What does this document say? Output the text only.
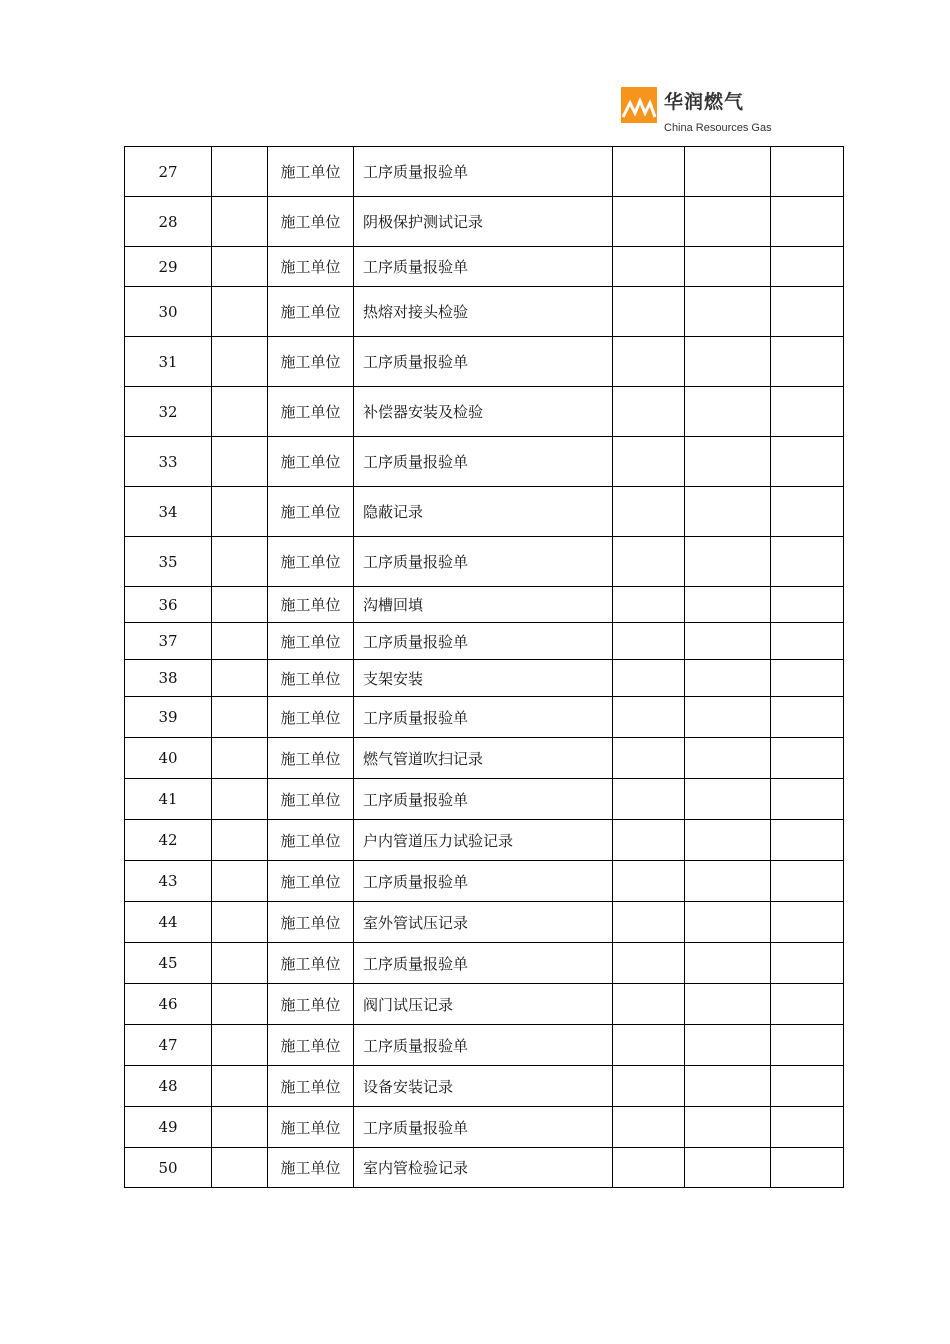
华润燃气
China Resources Gas
27		施工单位	工序质量报验单			
28		施工单位	阴极保护测试记录			
29		施工单位	工序质量报验单			
30		施工单位	热熔对接头检验			
31		施工单位	工序质量报验单			
32		施工单位	补偿器安装及检验			
33		施工单位	工序质量报验单			
34		施工单位	隐蔽记录			
35		施工单位	工序质量报验单			
36		施工单位	沟槽回填			
37		施工单位	工序质量报验单			
38		施工单位	支架安装			
39		施工单位	工序质量报验单			
40		施工单位	燃气管道吹扫记录			
41		施工单位	工序质量报验单			
42		施工单位	户内管道压力试验记录			
43		施工单位	工序质量报验单			
44		施工单位	室外管试压记录			
45		施工单位	工序质量报验单			
46		施工单位	阀门试压记录			
47		施工单位	工序质量报验单			
48		施工单位	设备安装记录			
49		施工单位	工序质量报验单			
50		施工单位	室内管检验记录			
